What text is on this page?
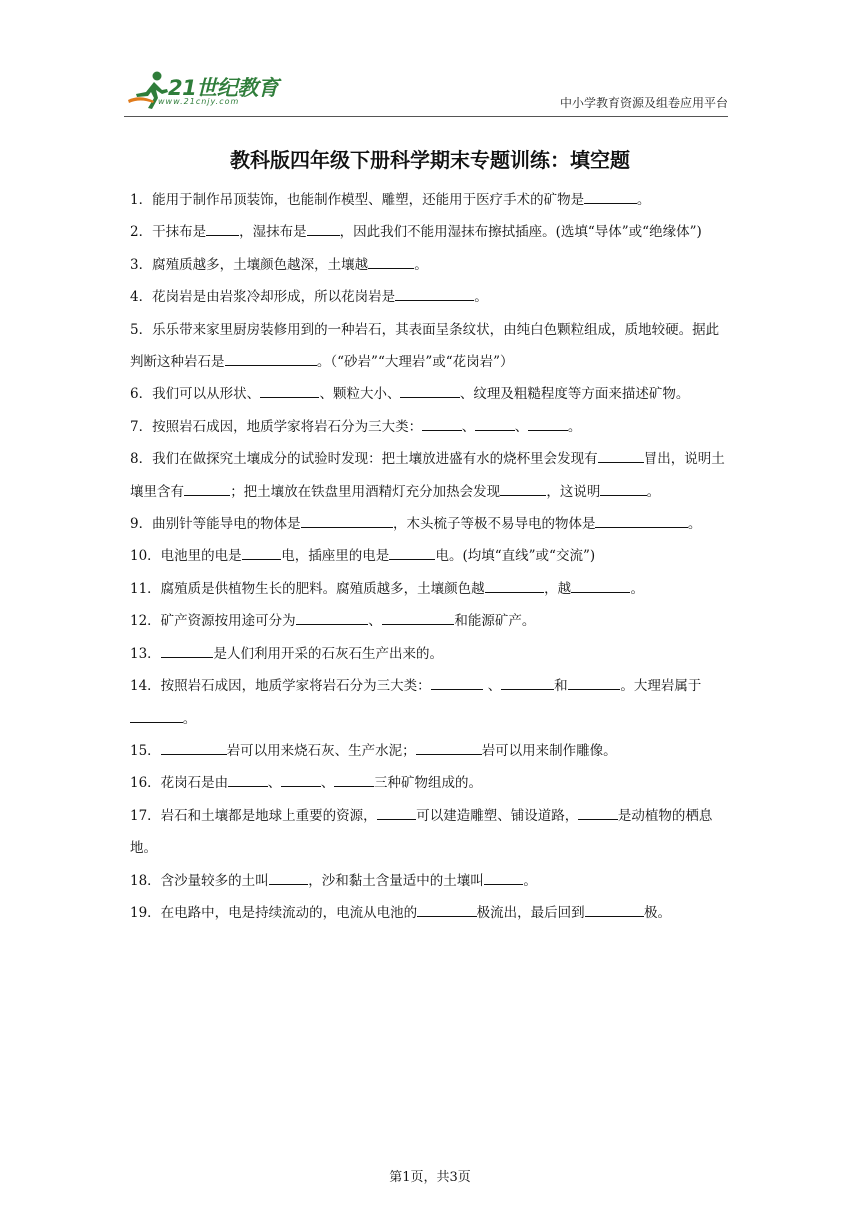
21世纪教育
www.21cnjy.com	中小学教育资源及组卷应用平台
教科版四年级下册科学期末专题训练：填空题

1．能用于制作吊顶装饰，也能制作模型、雕塑，还能用于医疗手术的矿物是	。

2．干抹布是 ，湿抹布是 ，因此我们不能用湿抹布擦拭插座。(选填“导体”或“绝缘体”)

3．腐殖质越多，土壤颜色越深，土壤越	。

4．花岗岩是由岩浆冷却形成，所以花岗岩是	。

5．乐乐带来家里厨房装修用到的一种岩石，其表面呈条纹状，由纯白色颗粒组成，质地较硬。据此判断这种岩石是	。（“砂岩”“大理岩”或“花岗岩”）

6．我们可以从形状、	、颗粒大小、	、纹理及粗糙程度等方面来描述矿物。

7．按照岩石成因，地质学家将岩石分为三大类：	、	、	。

8．我们在做探究土壤成分的试验时发现：把土壤放进盛有水的烧杯里会发现有	冒出，说明土壤里含有	；把土壤放在铁盘里用酒精灯充分加热会发现	，这说明	。

9．曲别针等能导电的物体是	，木头梳子等极不易导电的物体是	。

10．电池里的电是	电，插座里的电是	电。(均填“直线”或“交流”)

11．腐殖质是供植物生长的肥料。腐殖质越多，土壤颜色越	，越	。

12．矿产资源按用途可分为	、	和能源矿产。

13．	是人们利用开采的石灰石生产出来的。

14．按照岩石成因，地质学家将岩石分为三大类：	、	和	。大理岩属于。

15．	岩可以用来烧石灰、生产水泥；	岩可以用来制作雕像。

16．花岗石是由	、	、	三种矿物组成的。

17．岩石和土壤都是地球上重要的资源，	可以建造雕塑、铺设道路，	是动植物的栖息地。

18．含沙量较多的土叫	，沙和黏土含量适中的土壤叫	。

19．在电路中，电是持续流动的，电流从电池的	极流出，最后回到	极。

第1页，共3页
